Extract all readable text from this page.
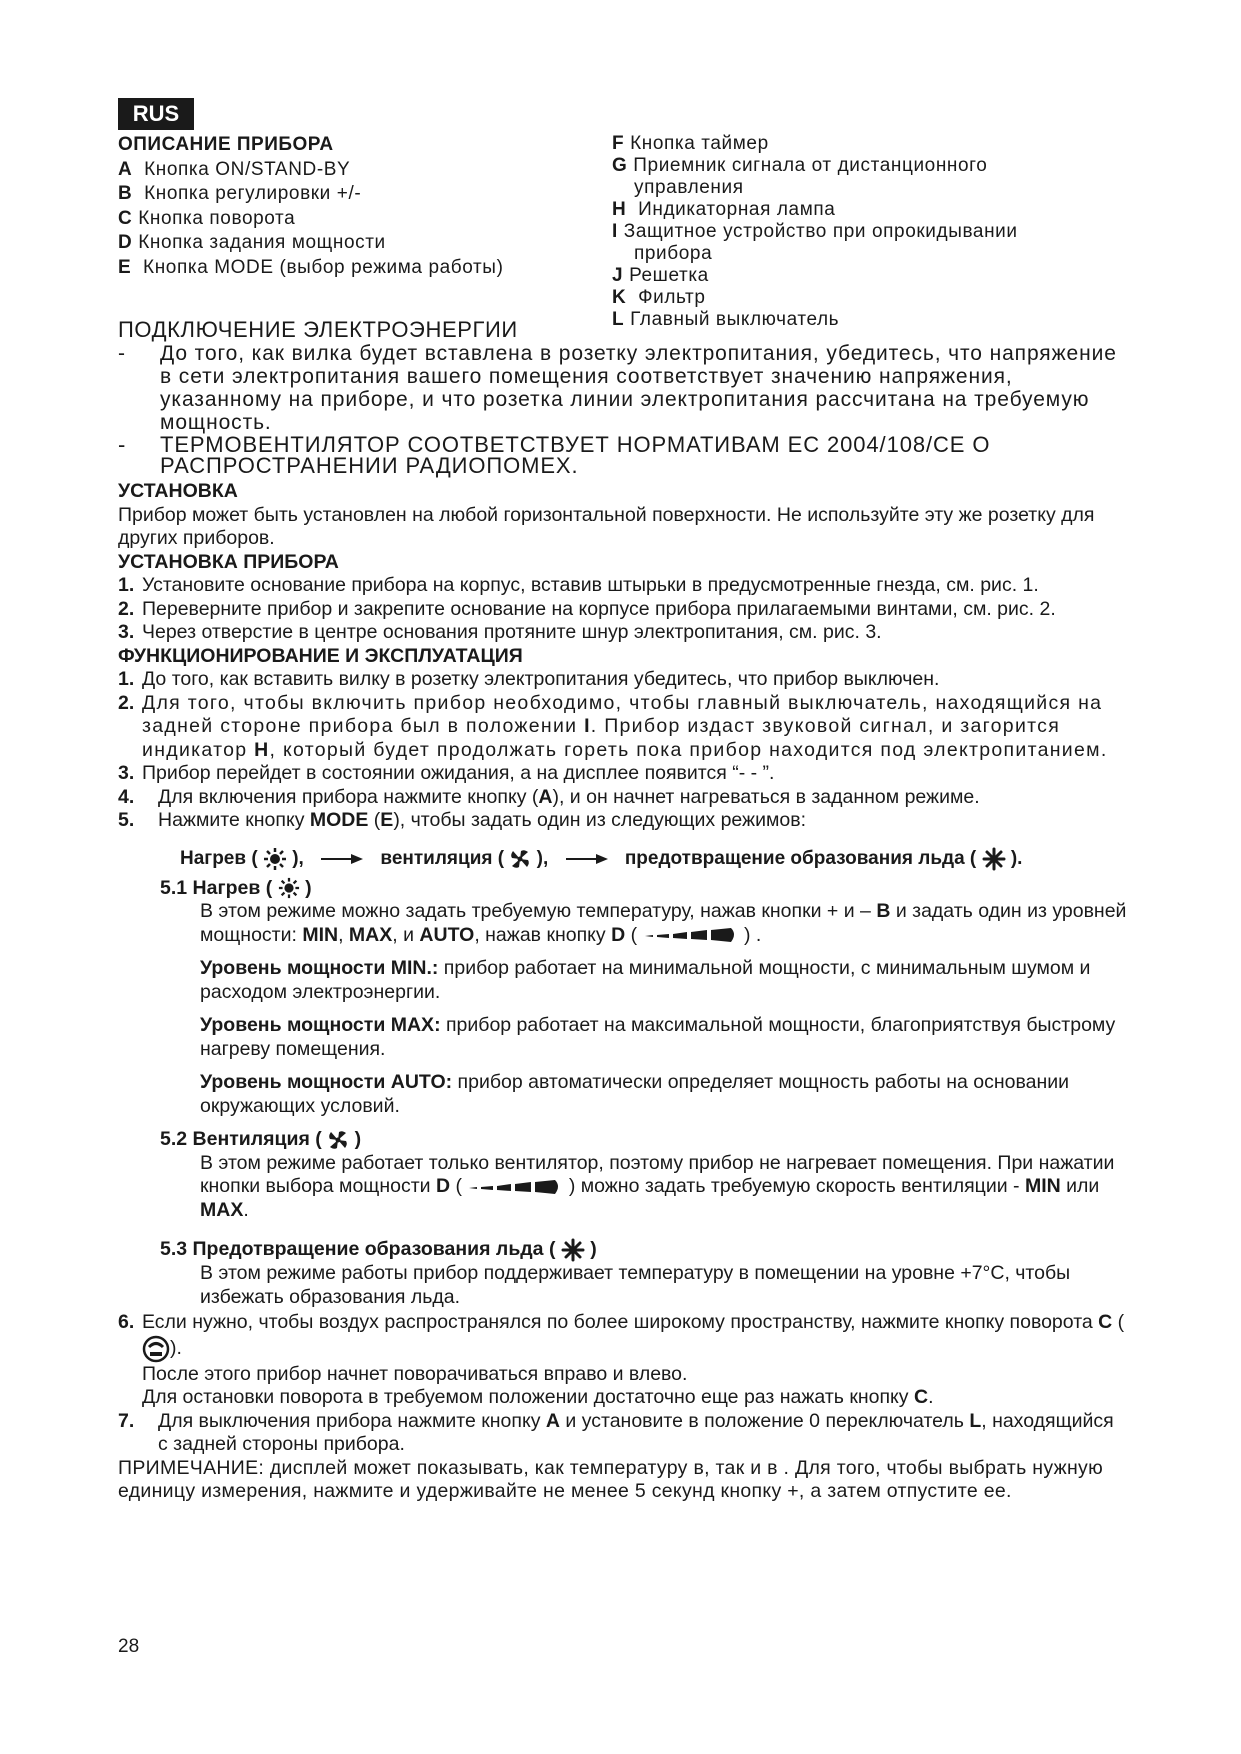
RUS
ОПИСАНИЕ ПРИБОРА
A Кнопка ON/STAND-BY
B Кнопка регулировки +/-
C Кнопка поворота
D Кнопка задания мощности
E Кнопка MODE (выбор режима работы)
F Кнопка таймер
G Приемник сигнала от дистанционного
управления
H Индикаторная лампа
I Защитное устройство при опрокидывании
прибора
J Решетка
K Фильтр
L Главный выключатель
ПОДКЛЮЧЕНИЕ ЭЛЕКТРОЭНЕРГИИ
-	До того, как вилка будет вставлена в розетку электропитания, убедитесь, что напряжение в сети электропитания вашего помещения соответствует значению напряжения, указанному на приборе, и что розетка линии электропитания рассчитана на требуемую мощность.
-	ТЕРМОВЕНТИЛЯТОР СООТВЕТСТВУЕТ НОРМАТИВАМ ЕС 2004/108/СЕ О РАСПРОСТРАНЕНИИ РАДИОПОМЕХ.
УСТАНОВКА

Прибор может быть установлен на любой горизонтальной поверхности. Не используйте эту же розетку для других приборов.

УСТАНОВКА ПРИБОРА
1. Установите основание прибора на корпус, вставив штырьки в предусмотренные гнезда, см. рис. 1.
2. Переверните прибор и закрепите основание на корпусе прибора прилагаемыми винтами, см. рис. 2.
3. Через отверстие в центре основания протяните шнур электропитания, см. рис. 3.
ФУНКЦИОНИРОВАНИЕ И ЭКСПЛУАТАЦИЯ
1. До того, как вставить вилку в розетку электропитания убедитесь, что прибор выключен.
2. Для того, чтобы включить прибор необходимо, чтобы главный выключатель, находящийся на задней стороне прибора был в положении I. Прибор издаст звуковой сигнал, и загорится индикатор H, который будет продолжать гореть пока прибор находится под электропитанием.
3. Прибор перейдет в состоянии ожидания, а на дисплее появится “- - ”.
4.	Для включения прибора нажмите кнопку (A), и он начнет нагреваться в заданном режиме.
5.	Нажмите кнопку MODE (E), чтобы задать один из следующих режимов:
Нагрев ( ),	вентиляция ( ),	предотвращение образования льда ( ).
5.1 Нагрев ( )
В этом режиме можно задать требуемую температуру, нажав кнопки + и – B и задать один из уровней мощности: MIN, MAX, и AUTO, нажав кнопку D (	) .
Уровень мощности MIN.: прибор работает на минимальной мощности, с минимальным шумом и расходом электроэнергии.
Уровень мощности MAX: прибор работает на максимальной мощности, благоприятствуя быстрому нагреву помещения.
Уровень мощности AUTO: прибор автоматически определяет мощность работы на основании окружающих условий.
5.2 Вентиляция ( )
В этом режиме работает только вентилятор, поэтому прибор не нагревает помещения. При нажатии кнопки выбора мощности D (	) можно задать требуемую скорость вентиляции - MIN или MAX.
5.3 Предотвращение образования льда ( )
В этом режиме работы прибор поддерживает температуру в помещении на уровне +7°C, чтобы избежать образования льда.
6. Если нужно, чтобы воздух распространялся по более широкому пространству, нажмите кнопку поворота C ().
После этого прибор начнет поворачиваться вправо и влево.
Для остановки поворота в требуемом положении достаточно еще раз нажать кнопку C.
7.	Для выключения прибора нажмите кнопку A и установите в положение 0 переключатель L, находящийся с задней стороны прибора.

ПРИМЕЧАНИЕ: дисплей может показывать, как температуру в, так и в . Для того, чтобы выбрать нужную единицу измерения, нажмите и удерживайте не менее 5 секунд кнопку +, а затем отпустите ее.

28
